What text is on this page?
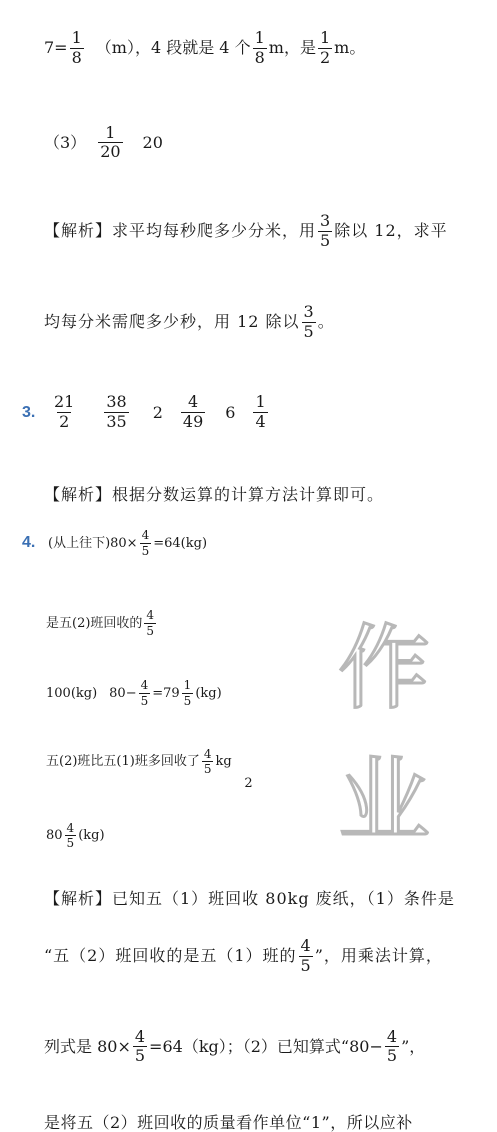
作业
$7= \frac{1}{8} (m)$，4 段就是 4 个 $\frac{1}{8}$ m，是 $\frac{1}{2}$ m。
$(3) \frac{1}{20} 20$
【解析】求平均每秒爬多少分米，用 $\frac{3}{5}$ 除以 12，求平
均每分米需爬多少秒，用 12 除以 $\frac{3}{5}$ 。
3.	$\frac{21}{2} \frac{38}{35} 2 \frac{4}{49} 6 \frac{1}{4}$
【解析】根据分数运算的计算方法计算即可。
4. (从上往下)$80\times \frac{4}{5} =64(kg)$
是五(2)班回收的 $\frac{4}{5}$
100(kg) $80- \frac{4}{5} =79 \frac{1}{5} (kg)$
五(2)班比五(1)班多回收了 $\frac{4}{5}$ kg
$80 \frac{4}{5} (kg)$
【解析】已知五（1）班回收 80kg 废纸，（1）条件是
“五（2）班回收的是五（1）班的 $\frac{4}{5}$ ”，用乘法计算，
列式是 $80\times \frac{4}{5} =64(kg)$；（2）已知算式“$80- \frac{4}{5}$ ”，
是将五（2）班回收的质量看作单位“1”，所以应补
2
